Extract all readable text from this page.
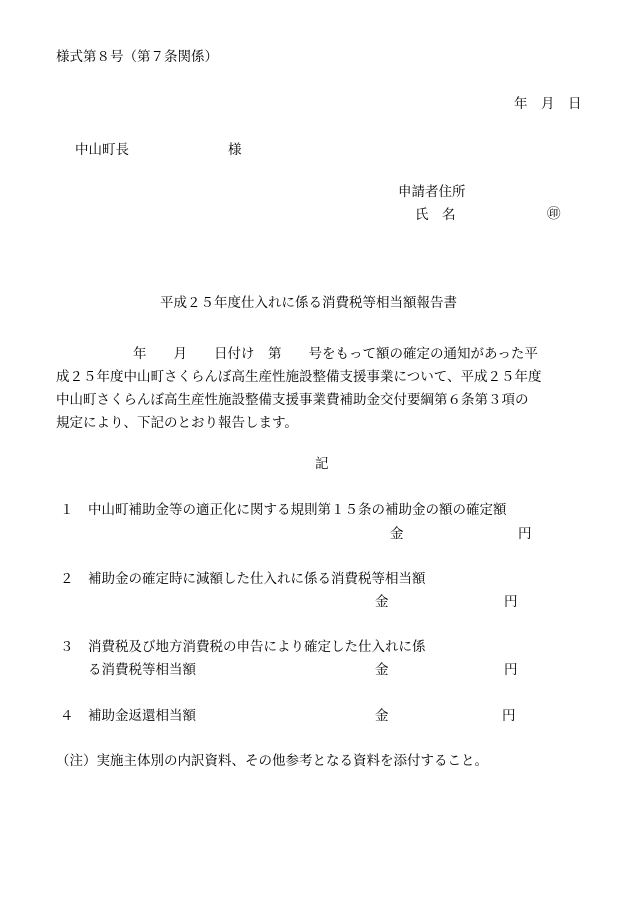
様式第８号（第７条関係）
年　月　日
中山町長	様
申請者住所
氏　名	㊞
平成２５年度仕入れに係る消費税等相当額報告書
年　　月　　日付け　第　　号をもって額の確定の通知があった平
成２５年度中山町さくらんぼ高生産性施設整備支援事業について、平成２５年度
中山町さくらんぼ高生産性施設整備支援事業費補助金交付要綱第６条第３項の
規定により、下記のとおり報告します。
記
１ 中山町補助金等の適正化に関する規則第１５条の補助金の額の確定額
金	円
２ 補助金の確定時に減額した仕入れに係る消費税等相当額
金	円
３ 消費税及び地方消費税の申告により確定した仕入れに係
る消費税等相当額	金	円
４ 補助金返還相当額	金	円
（注）実施主体別の内訳資料、その他参考となる資料を添付すること。
